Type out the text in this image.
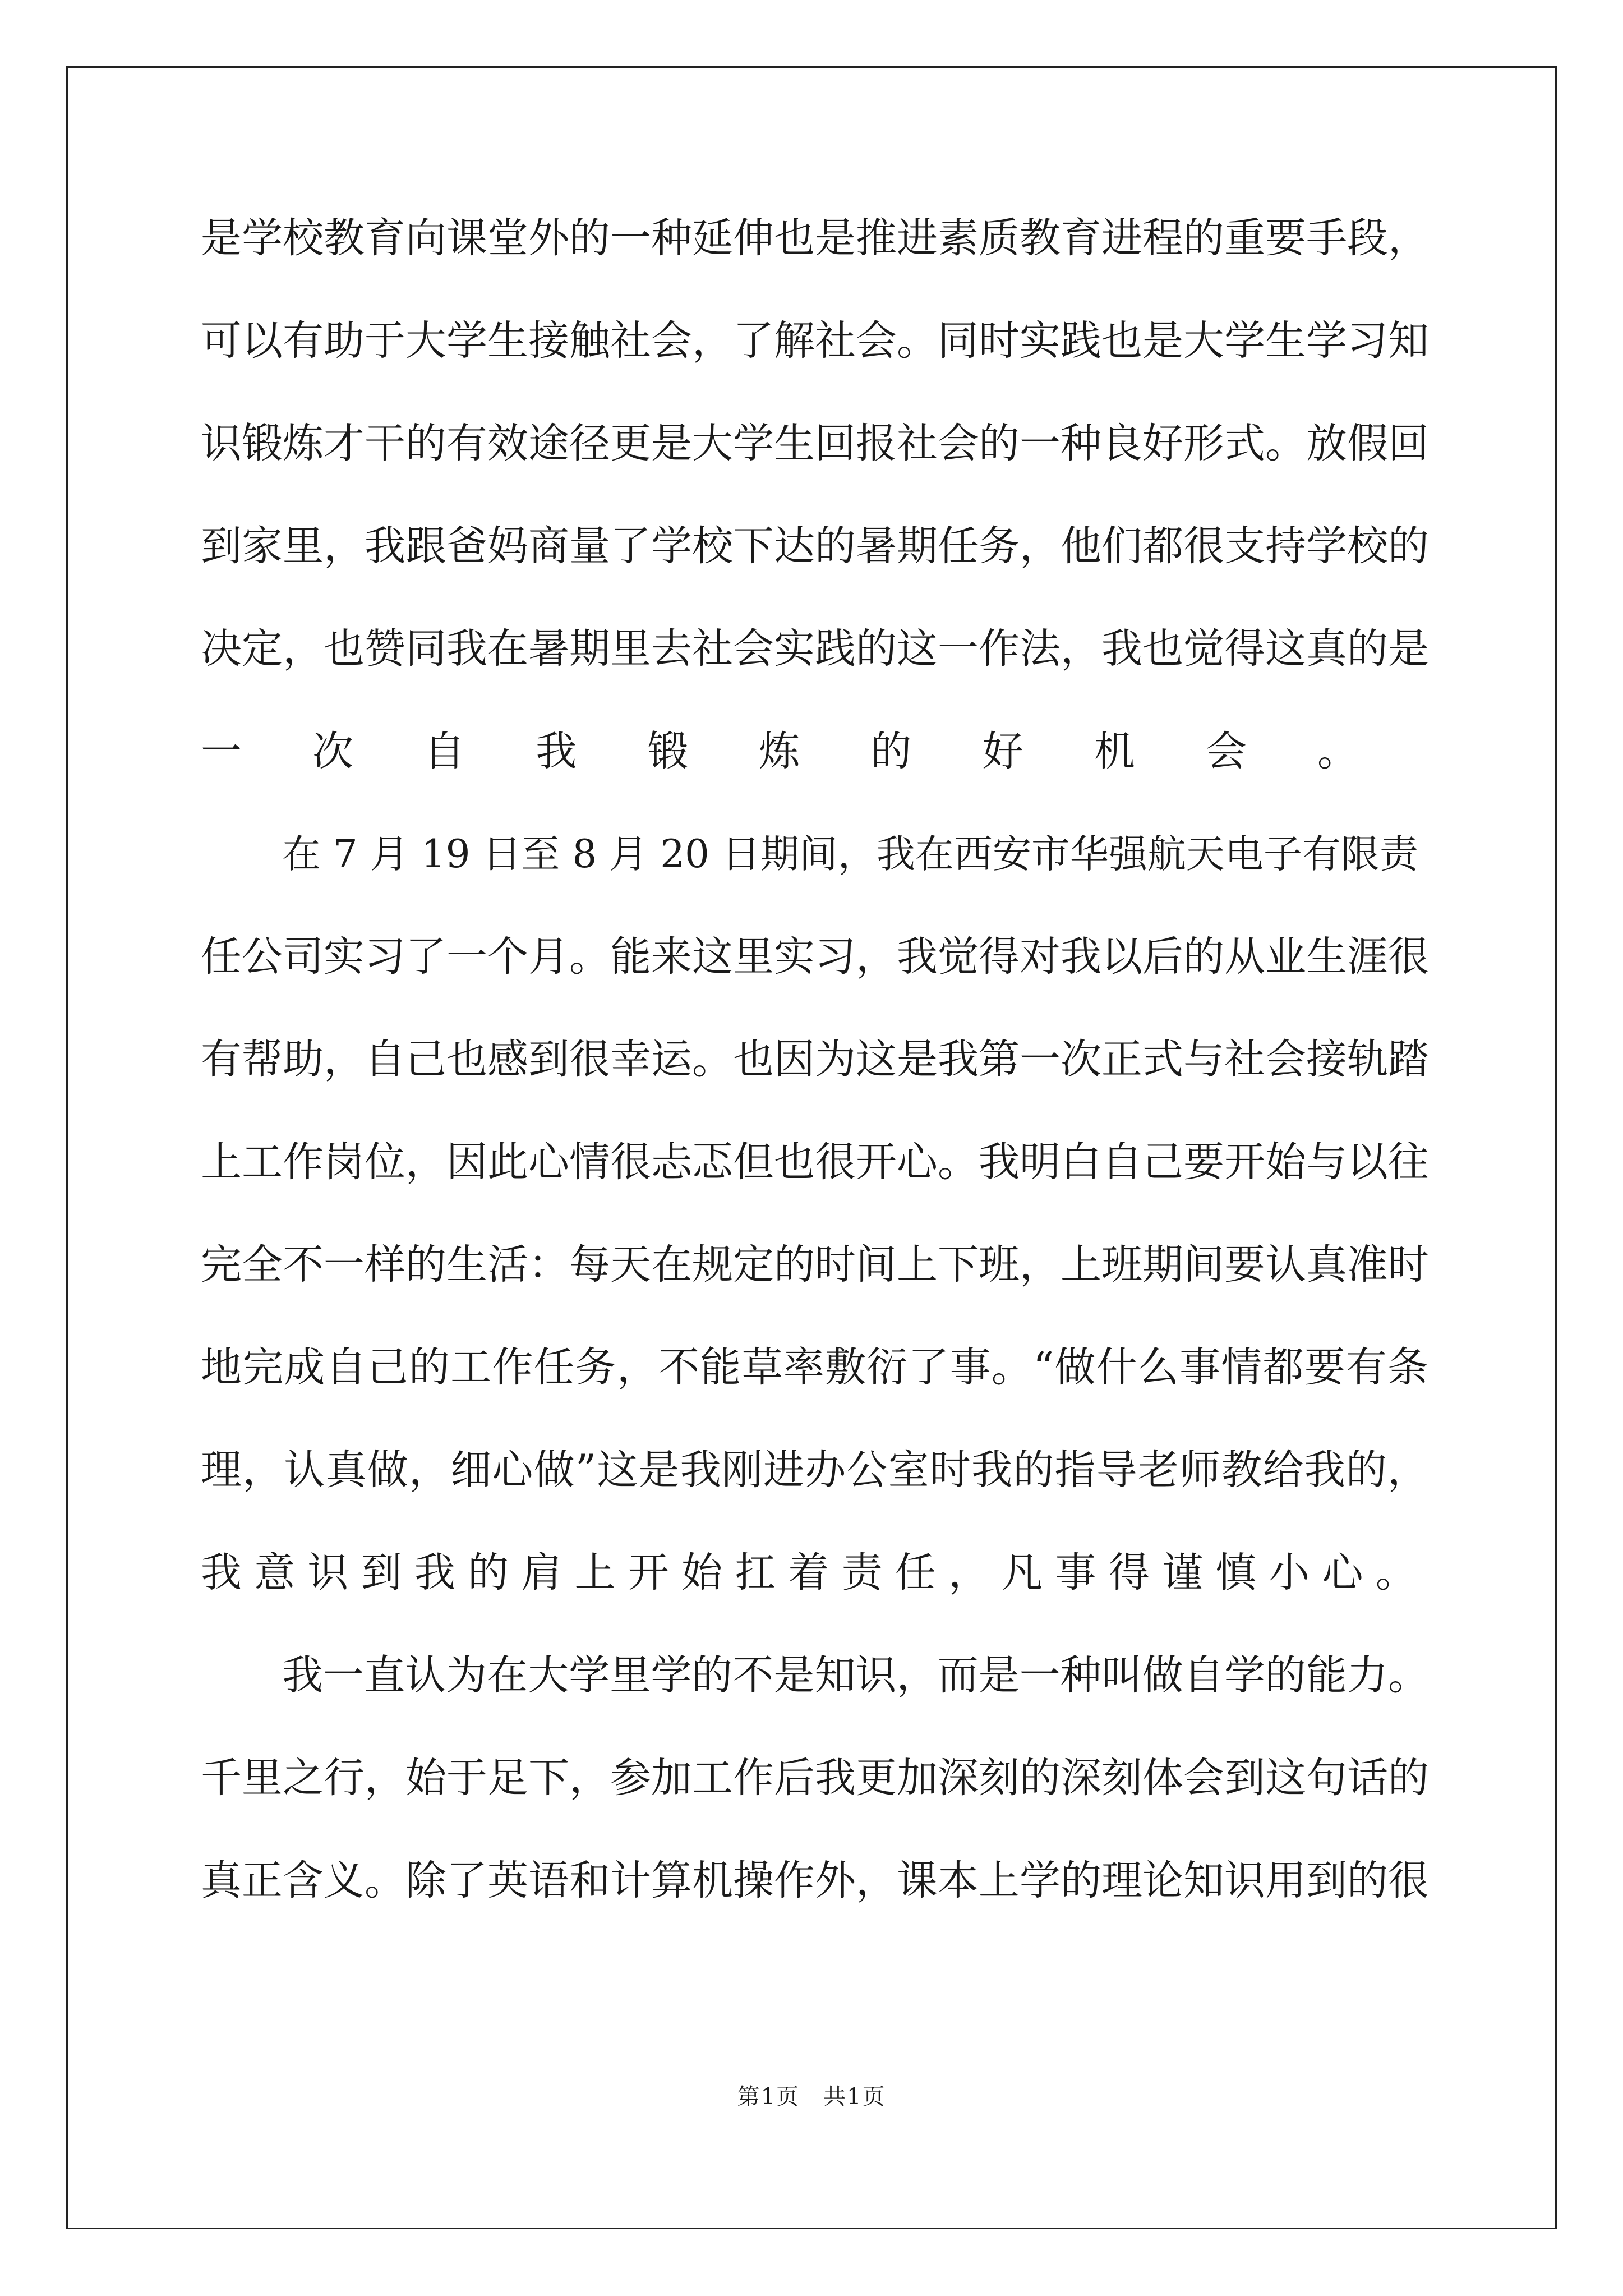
是学校教育向课堂外的一种延伸也是推进素质教育进程的重要手段，
可以有助于大学生接触社会，了解社会。同时实践也是大学生学习知
识锻炼才干的有效途径更是大学生回报社会的一种良好形式。放假回
到家里，我跟爸妈商量了学校下达的暑期任务，他们都很支持学校的
决定，也赞同我在暑期里去社会实践的这一作法，我也觉得这真的是
一次自我锻炼的好机会。
在 7 月 19 日至 8 月 20 日期间，我在西安市华强航天电子有限责
任公司实习了一个月。能来这里实习，我觉得对我以后的从业生涯很
有帮助，自己也感到很幸运。也因为这是我第一次正式与社会接轨踏
上工作岗位，因此心情很忐忑但也很开心。我明白自己要开始与以往
完全不一样的生活：每天在规定的时间上下班，上班期间要认真准时
地完成自己的工作任务，不能草率敷衍了事。“做什么事情都要有条
理，认真做，细心做”这是我刚进办公室时我的指导老师教给我的，
我意识到我的肩上开始扛着责任，凡事得谨慎小心。
我一直认为在大学里学的不是知识，而是一种叫做自学的能力。
千里之行，始于足下，参加工作后我更加深刻的深刻体会到这句话的
真正含义。除了英语和计算机操作外，课本上学的理论知识用到的很
第1页　共1页
